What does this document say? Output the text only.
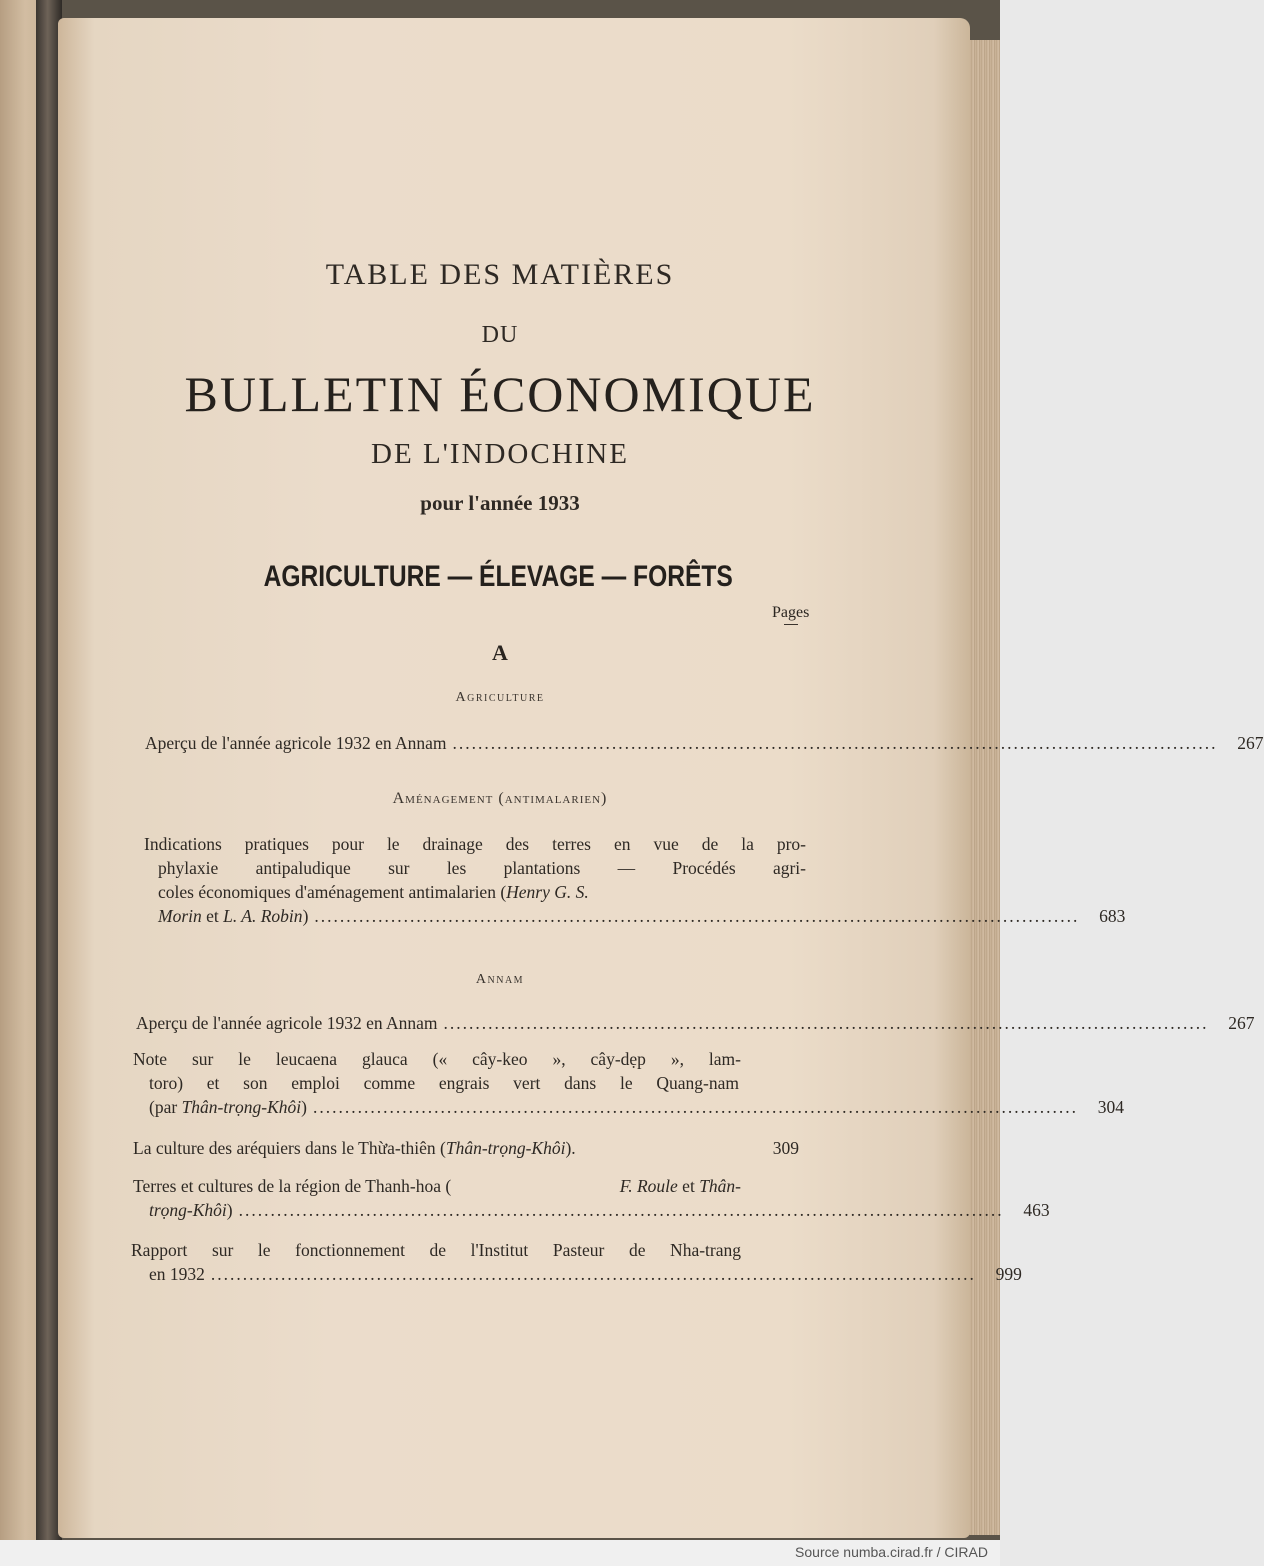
TABLE DES MATIÈRES
DU
BULLETIN ÉCONOMIQUE
DE L'INDOCHINE
pour l'année 1933
AGRICULTURE — ÉLEVAGE — FORÊTS
Pages
A
Agriculture
Aperçu de l'année agricole 1932 en Annam ........................................................................................................................	267
Aménagement (antimalarien)
Indications pratiques pour le drainage des terres en vue de la pro-
phylaxie antipaludique sur les plantations — Procédés agri-
coles économiques d'aménagement antimalarien (Henry G. S.
Morin et L. A. Robin) ........................................................................................................................	683
Annam
Aperçu de l'année agricole 1932 en Annam ........................................................................................................................	267
Note sur le leucaena glauca (« cây-keo », cây-dẹp », lam-
toro) et son emploi comme engrais vert dans le Quang-nam
(par Thân-trọng-Khôi) ........................................................................................................................	304
La culture des aréquiers dans le Thừa-thiên (Thân-trọng-Khôi).	309
Terres et cultures de la région de Thanh-hoa (	F. Roule et Thân-
trọng-Khôi) ........................................................................................................................	463
Rapport sur le fonctionnement de l'Institut Pasteur de Nha-trang
en 1932 ........................................................................................................................	999
Source numba.cirad.fr / CIRAD
